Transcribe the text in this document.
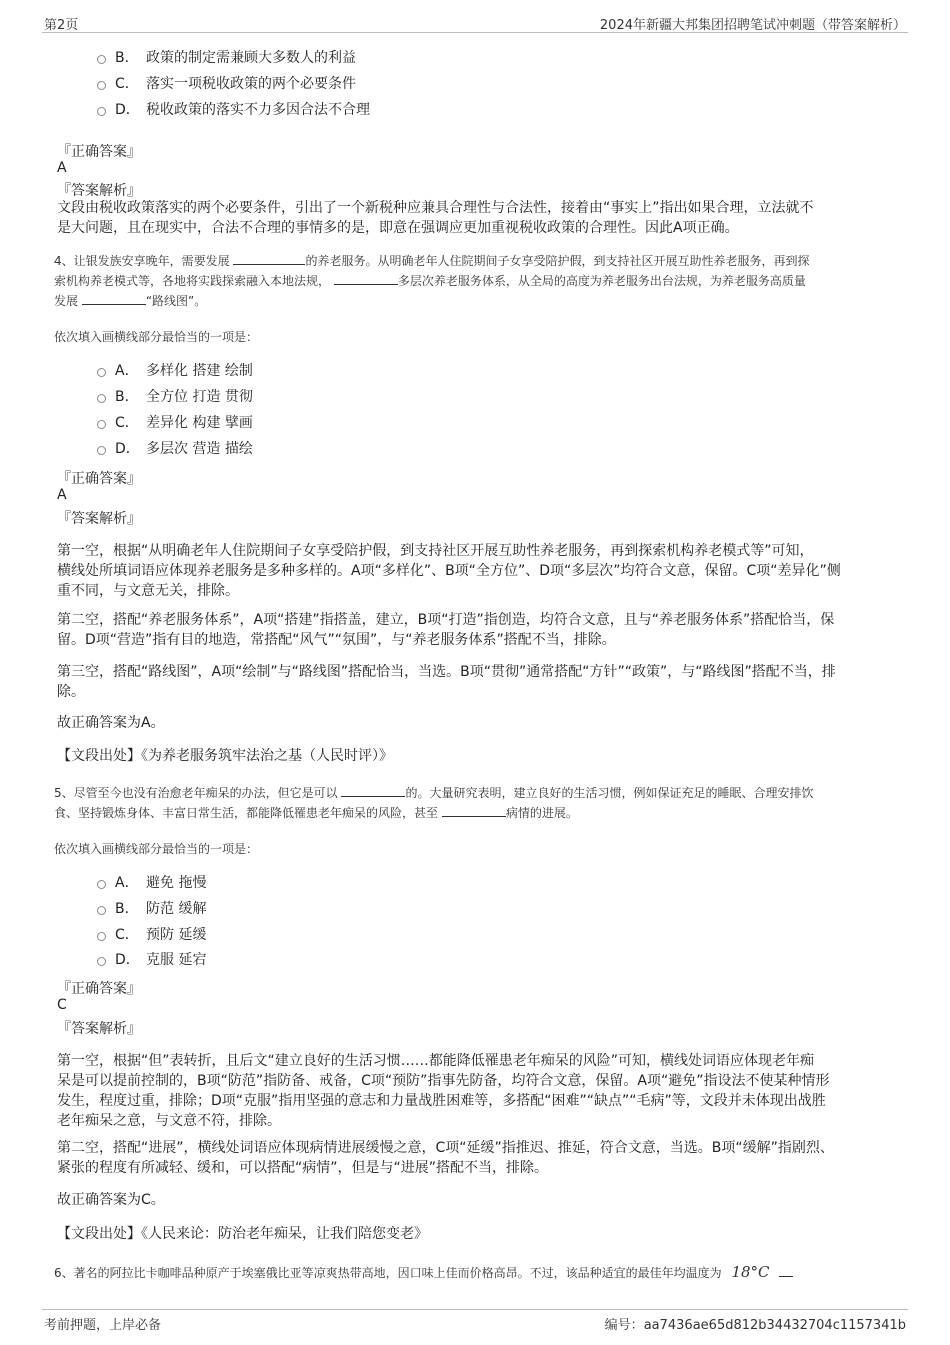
第2页	2024年新疆大邦集团招聘笔试冲刺题（带答案解析）
B． 政策的制定需兼顾大多数人的利益
C． 落实一项税收政策的两个必要条件
D． 税收政策的落实不力多因合法不合理
『正确答案』
A
『答案解析』
文段由税收政策落实的两个必要条件，引出了一个新税种应兼具合理性与合法性，接着由“事实上”指出如果合理，立法就不
是大问题，且在现实中，合法不合理的事情多的是，即意在强调应更加重视税收政策的合理性。因此A项正确。
4、让银发族安享晚年，需要发展	的养老服务。从明确老年人住院期间子女享受陪护假，到支持社区开展互助性养老服务，再到探
索机构养老模式等，各地将实践探索融入本地法规，	多层次养老服务体系，从全局的高度为养老服务出台法规，为养老服务高质量
发展	“路线图”。
依次填入画横线部分最恰当的一项是：
A． 多样化 搭建 绘制
B． 全方位 打造 贯彻
C． 差异化 构建 擘画
D． 多层次 营造 描绘
『正确答案』
A
『答案解析』
第一空，根据“从明确老年人住院期间子女享受陪护假，到支持社区开展互助性养老服务，再到探索机构养老模式等”可知，
横线处所填词语应体现养老服务是多种多样的。A项“多样化”、B项“全方位”、D项“多层次”均符合文意，保留。C项“差异化”侧
重不同，与文意无关，排除。
第二空，搭配“养老服务体系”，A项“搭建”指搭盖，建立，B项“打造”指创造，均符合文意，且与“养老服务体系”搭配恰当，保
留。D项“营造”指有目的地造，常搭配“风气”“氛围”，与“养老服务体系”搭配不当，排除。
第三空，搭配“路线图”，A项“绘制”与“路线图”搭配恰当，当选。B项“贯彻”通常搭配“方针”“政策”，与“路线图”搭配不当，排
除。
故正确答案为A。
【文段出处】《为养老服务筑牢法治之基（人民时评）》
5、尽管至今也没有治愈老年痴呆的办法，但它是可以	的。大量研究表明，建立良好的生活习惯，例如保证充足的睡眠、合理安排饮
食、坚持锻炼身体、丰富日常生活，都能降低罹患老年痴呆的风险，甚至	病情的进展。
依次填入画横线部分最恰当的一项是：
A． 避免 拖慢
B． 防范 缓解
C． 预防 延缓
D． 克服 延宕
『正确答案』
C
『答案解析』
第一空，根据“但”表转折，且后文“建立良好的生活习惯……都能降低罹患老年痴呆的风险”可知，横线处词语应体现老年痴
呆是可以提前控制的，B项“防范”指防备、戒备，C项“预防”指事先防备，均符合文意，保留。A项“避免”指设法不使某种情形
发生，程度过重，排除；D项“克服”指用坚强的意志和力量战胜困难等，多搭配“困难”“缺点”“毛病”等，文段并未体现出战胜
老年痴呆之意，与文意不符，排除。
第二空，搭配“进展”，横线处词语应体现病情进展缓慢之意，C项“延缓”指推迟、推延，符合文意，当选。B项“缓解”指剧烈、
紧张的程度有所减轻、缓和，可以搭配“病情”，但是与“进展”搭配不当，排除。
故正确答案为C。
【文段出处】《人民来论：防治老年痴呆，让我们陪您变老》
6、著名的阿拉比卡咖啡品种原产于埃塞俄比亚等凉爽热带高地，因口味上佳而价格高昂。不过，该品种适宜的最佳年均温度为 18°C
考前押题，上岸必备	编号：aa7436ae65d812b34432704c1157341b
